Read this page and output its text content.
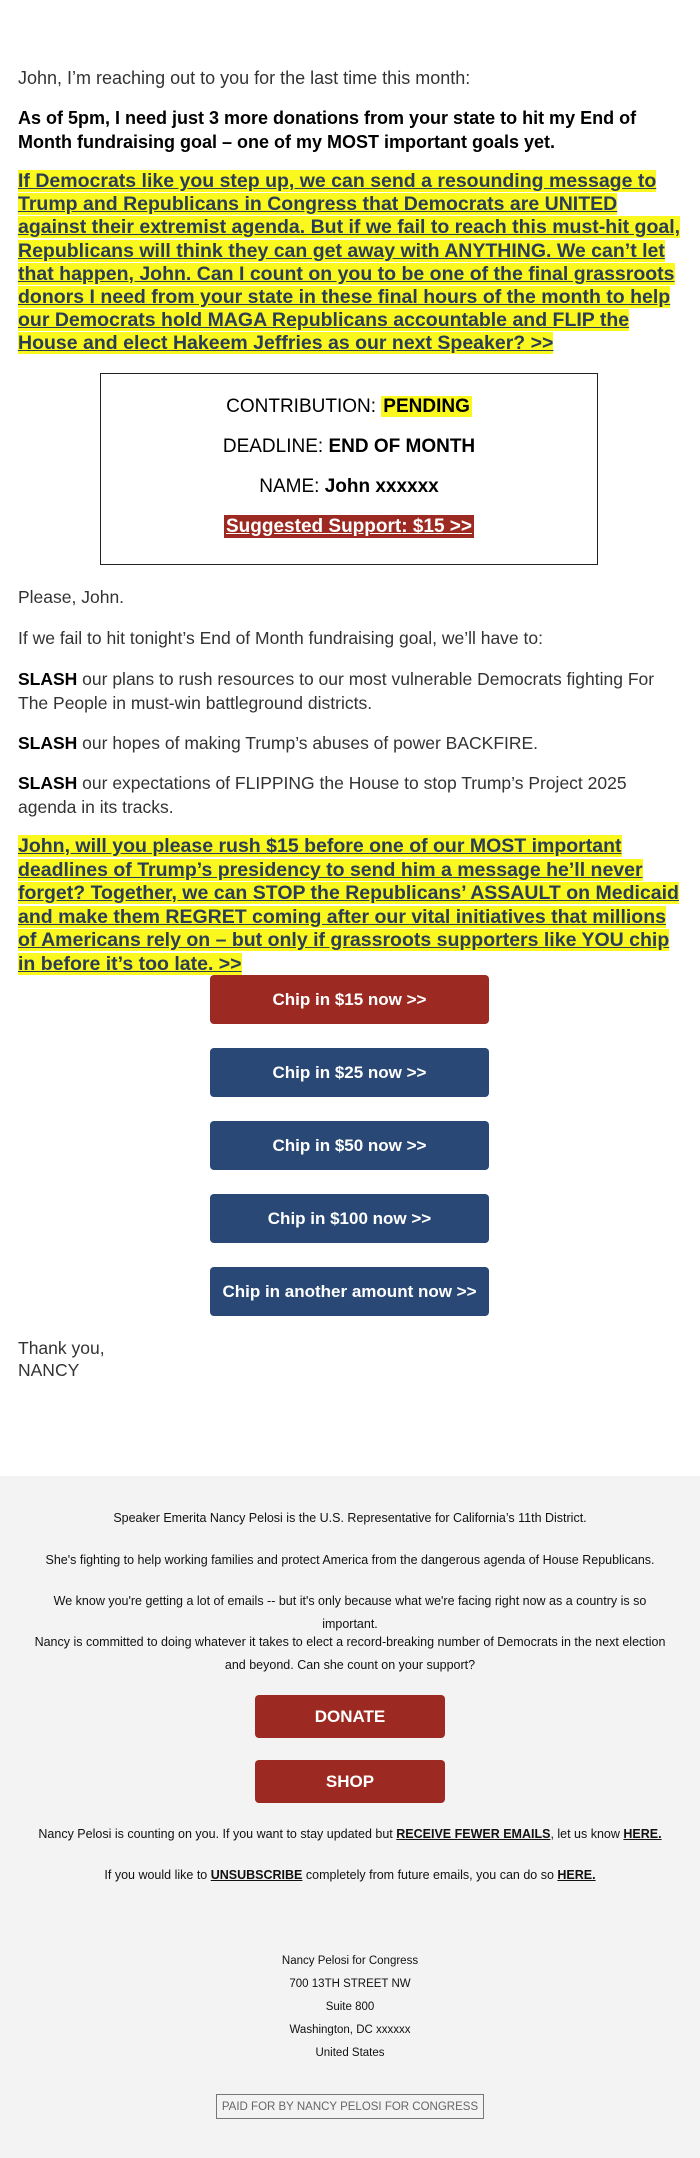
John, I’m reaching out to you for the last time this month:

As of 5pm, I need just 3 more donations from your state to hit my End of Month fundraising goal – one of my MOST important goals yet.

If Democrats like you step up, we can send a resounding message to Trump and Republicans in Congress that Democrats are UNITED against their extremist agenda. But if we fail to reach this must-hit goal, Republicans will think they can get away with ANYTHING. We can’t let that happen, John. Can I count on you to be one of the final grassroots donors I need from your state in these final hours of the month to help our Democrats hold MAGA Republicans accountable and FLIP the House and elect Hakeem Jeffries as our next Speaker? >>

CONTRIBUTION: PENDING
DEADLINE: END OF MONTH
NAME: John xxxxxx
Suggested Support: $15 >>

Please, John.

If we fail to hit tonight’s End of Month fundraising goal, we’ll have to:

SLASH our plans to rush resources to our most vulnerable Democrats fighting For The People in must-win battleground districts.

SLASH our hopes of making Trump’s abuses of power BACKFIRE.

SLASH our expectations of FLIPPING the House to stop Trump’s Project 2025 agenda in its tracks.

John, will you please rush $15 before one of our MOST important deadlines of Trump’s presidency to send him a message he’ll never forget? Together, we can STOP the Republicans’ ASSAULT on Medicaid and make them REGRET coming after our vital initiatives that millions of Americans rely on – but only if grassroots supporters like YOU chip in before it’s too late. >>

Chip in $15 now >>
Chip in $25 now >>
Chip in $50 now >>
Chip in $100 now >>
Chip in another amount now >>

Thank you,

NANCY

Speaker Emerita Nancy Pelosi is the U.S. Representative for California’s 11th District.

She's fighting to help working families and protect America from the dangerous agenda of House Republicans.

We know you're getting a lot of emails -- but it's only because what we're facing right now as a country is so important.

Nancy is committed to doing whatever it takes to elect a record-breaking number of Democrats in the next election and beyond. Can she count on your support?

DONATE
SHOP

Nancy Pelosi is counting on you. If you want to stay updated but RECEIVE FEWER EMAILS, let us know HERE.

If you would like to UNSUBSCRIBE completely from future emails, you can do so HERE.

Nancy Pelosi for Congress
700 13TH STREET NW
Suite 800
Washington, DC xxxxxx
United States
PAID FOR BY NANCY PELOSI FOR CONGRESS
